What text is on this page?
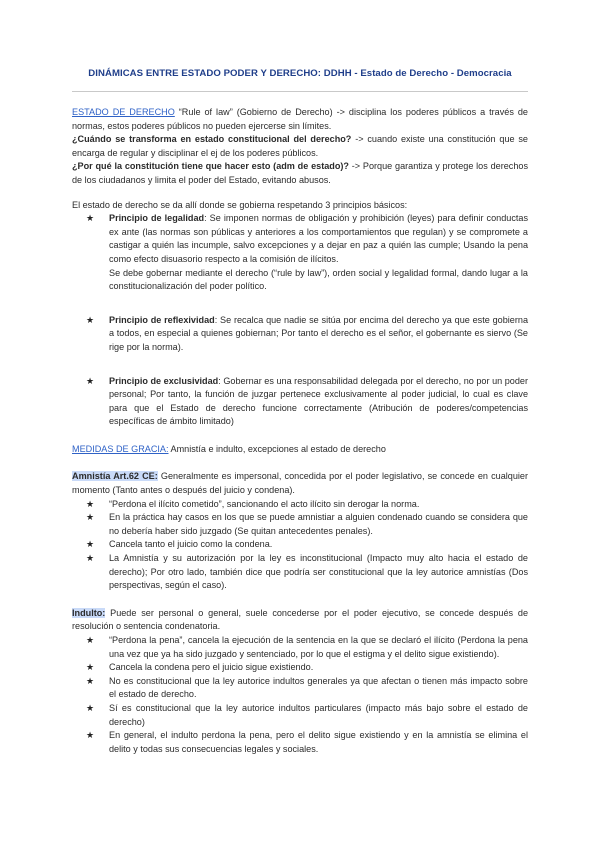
DINÁMICAS ENTRE ESTADO PODER Y DERECHO: DDHH - Estado de Derecho - Democracia

ESTADO DE DERECHO “Rule of law” (Gobierno de Derecho) -> disciplina los poderes públicos a través de normas, estos poderes públicos no pueden ejercerse sin límites.

¿Cuándo se transforma en estado constitucional del derecho? -> cuando existe una constitución que se encarga de regular y disciplinar el ej de los poderes públicos.

¿Por qué la constitución tiene que hacer esto (adm de estado)? -> Porque garantiza y protege los derechos de los ciudadanos y limita el poder del Estado, evitando abusos.

El estado de derecho se da allí donde se gobierna respetando 3 principios básicos:

★ Principio de legalidad: Se imponen normas de obligación y prohibición (leyes) para definir conductas ex ante (las normas son públicas y anteriores a los comportamientos que regulan) y se compromete a castigar a quién las incumple, salvo excepciones y a dejar en paz a quién las cumple; Usando la pena como efecto disuasorio respecto a la comisión de ilícitos.
Se debe gobernar mediante el derecho (“rule by law”), orden social y legalidad formal, dando lugar a la constitucionalización del poder político.
★ Principio de reflexividad: Se recalca que nadie se sitúa por encima del derecho ya que este gobierna a todos, en especial a quienes gobiernan; Por tanto el derecho es el señor, el gobernante es siervo (Se rige por la norma).
★ Principio de exclusividad: Gobernar es una responsabilidad delegada por el derecho, no por un poder personal; Por tanto, la función de juzgar pertenece exclusivamente al poder judicial, lo cual es clave para que el Estado de derecho funcione correctamente (Atribución de poderes/competencias específicas de ámbito limitado)

MEDIDAS DE GRACIA: Amnistía e indulto, excepciones al estado de derecho

Amnistía Art.62 CE: Generalmente es impersonal, concedida por el poder legislativo, se concede en cualquier momento (Tanto antes o después del juicio y condena).

★ “Perdona el ilícito cometido”, sancionando el acto ilícito sin derogar la norma.
★ En la práctica hay casos en los que se puede amnistiar a alguien condenado cuando se considera que no debería haber sido juzgado (Se quitan antecedentes penales).
★ Cancela tanto el juicio como la condena.
★ La Amnistía y su autorización por la ley es inconstitucional (Impacto muy alto hacia el estado de derecho); Por otro lado, también dice que podría ser constitucional que la ley autorice amnistías (Dos perspectivas, según el caso).

Indulto: Puede ser personal o general, suele concederse por el poder ejecutivo, se concede después de resolución o sentencia condenatoria.

★ “Perdona la pena”, cancela la ejecución de la sentencia en la que se declaró el ilícito (Perdona la pena una vez que ya ha sido juzgado y sentenciado, por lo que el estigma y el delito sigue existiendo).
★ Cancela la condena pero el juicio sigue existiendo.
★ No es constitucional que la ley autorice indultos generales ya que afectan o tienen más impacto sobre el estado de derecho.
★ Sí es constitucional que la ley autorice indultos particulares (impacto más bajo sobre el estado de derecho)
★ En general, el indulto perdona la pena, pero el delito sigue existiendo y en la amnistía se elimina el delito y todas sus consecuencias legales y sociales.
